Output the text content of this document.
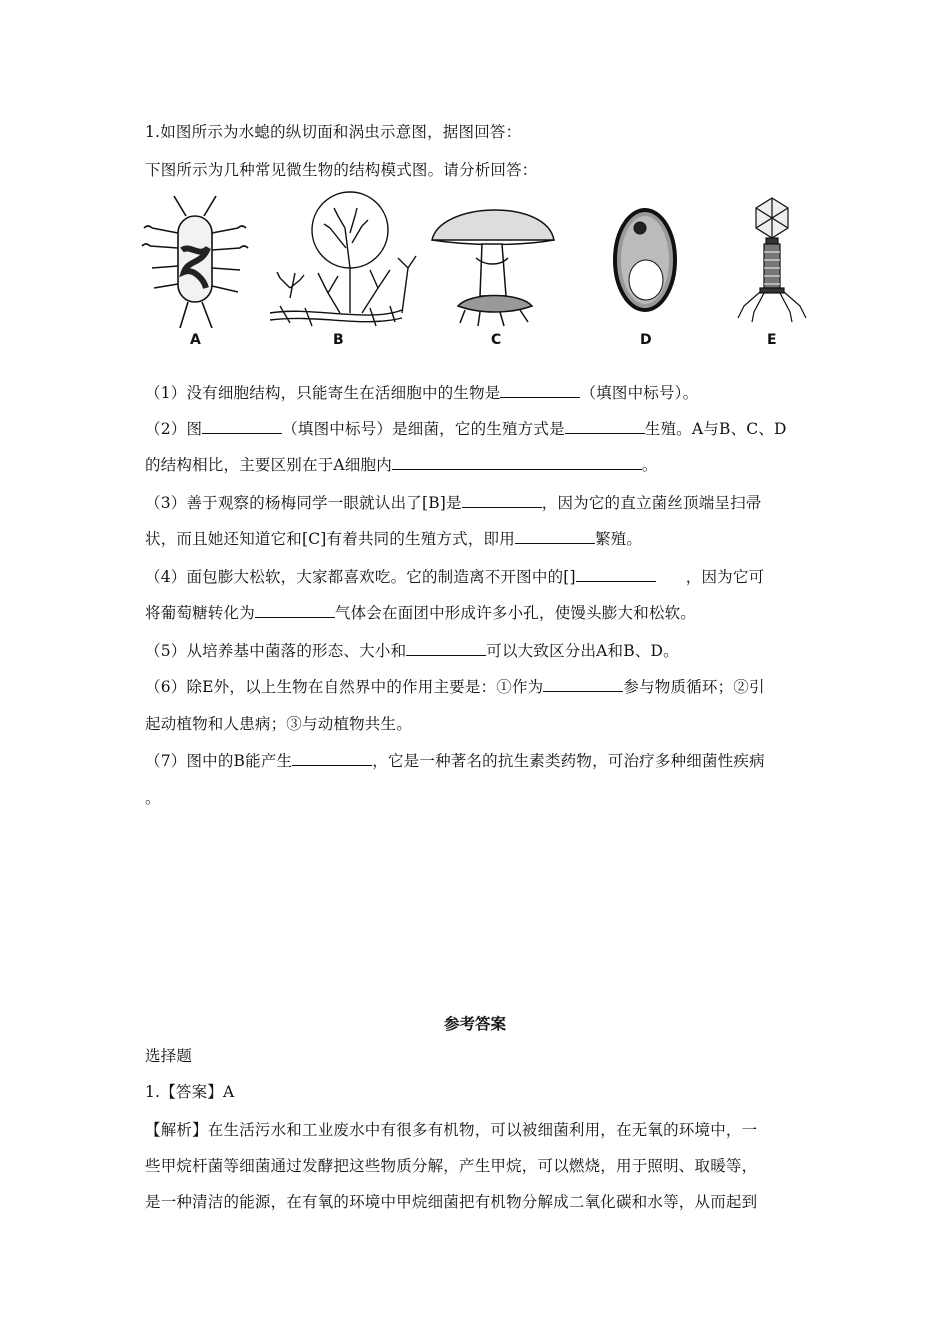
1.如图所示为水螅的纵切面和涡虫示意图，据图回答：
下图所示为几种常见微生物的结构模式图。请分析回答：
A	B	C	D	E
（1）没有细胞结构，只能寄生在活细胞中的生物是	（填图中标号）。
（2）图	（填图中标号）是细菌，它的生殖方式是	生殖。A与B、C、D
的结构相比，主要区别在于A细胞内	。
（3）善于观察的杨梅同学一眼就认出了[B]是	，因为它的直立菌丝顶端呈扫帚
状，而且她还知道它和[C]有着共同的生殖方式，即用	繁殖。
（4）面包膨大松软，大家都喜欢吃。它的制造离不开图中的[]	，因为它可
将葡萄糖转化为	气体会在面团中形成许多小孔，使馒头膨大和松软。
（5）从培养基中菌落的形态、大小和	可以大致区分出A和B、D。
（6）除E外，以上生物在自然界中的作用主要是：①作为	参与物质循环；②引
起动植物和人患病；③与动植物共生。
（7）图中的B能产生	，它是一种著名的抗生素类药物，可治疗多种细菌性疾病
。
参考答案
选择题
1.【答案】A
【解析】在生活污水和工业废水中有很多有机物，可以被细菌利用，在无氧的环境中，一
些甲烷杆菌等细菌通过发酵把这些物质分解，产生甲烷，可以燃烧，用于照明、取暖等，
是一种清洁的能源，在有氧的环境中甲烷细菌把有机物分解成二氧化碳和水等，从而起到
